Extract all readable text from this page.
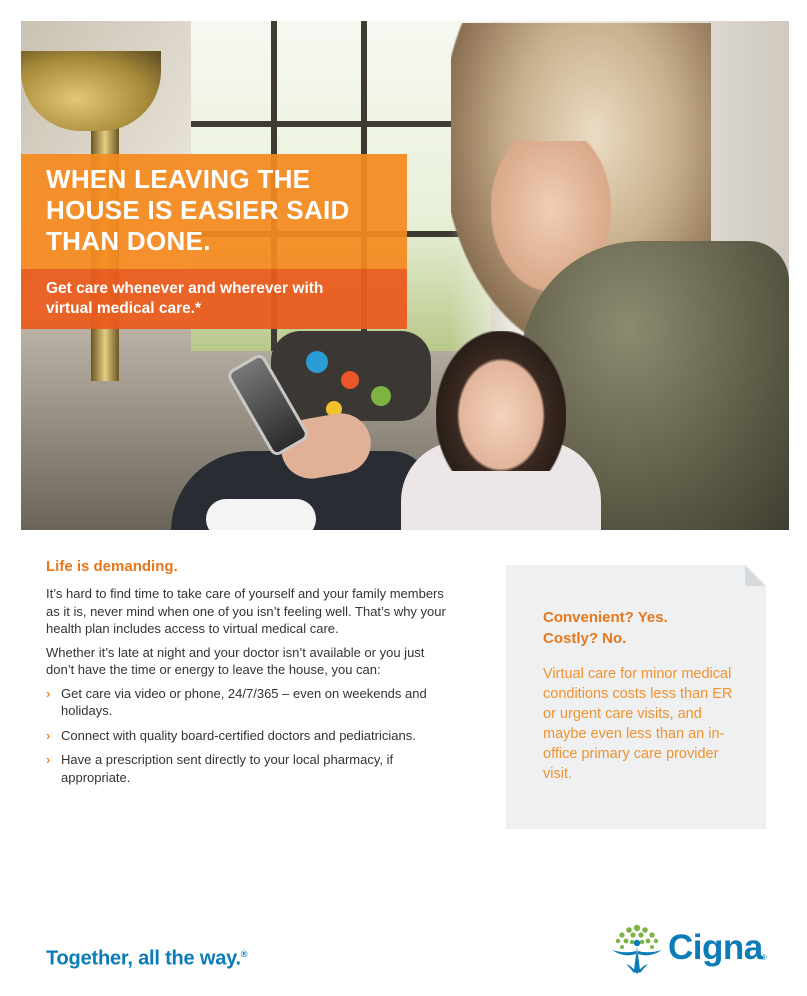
WHEN LEAVING THE
HOUSE IS EASIER SAID
THAN DONE.

Get care whenever and wherever with
virtual medical care.*

Life is demanding.

It’s hard to find time to take care of yourself and your family members as it is, never mind when one of you isn’t feeling well. That’s why your health plan includes access to virtual medical care.

Whether it’s late at night and your doctor isn’t available or you just don’t have the time or energy to leave the house, you can:

› Get care via video or phone, 24/7/365 – even on weekends and holidays.
› Connect with quality board-certified doctors and pediatricians.
› Have a prescription sent directly to your local pharmacy, if appropriate.
Convenient? Yes.
Costly? No.

Virtual care for minor medical conditions costs less than ER or urgent care visits, and maybe even less than an in-office primary care provider visit.

Together, all the way.®	Cigna
®
